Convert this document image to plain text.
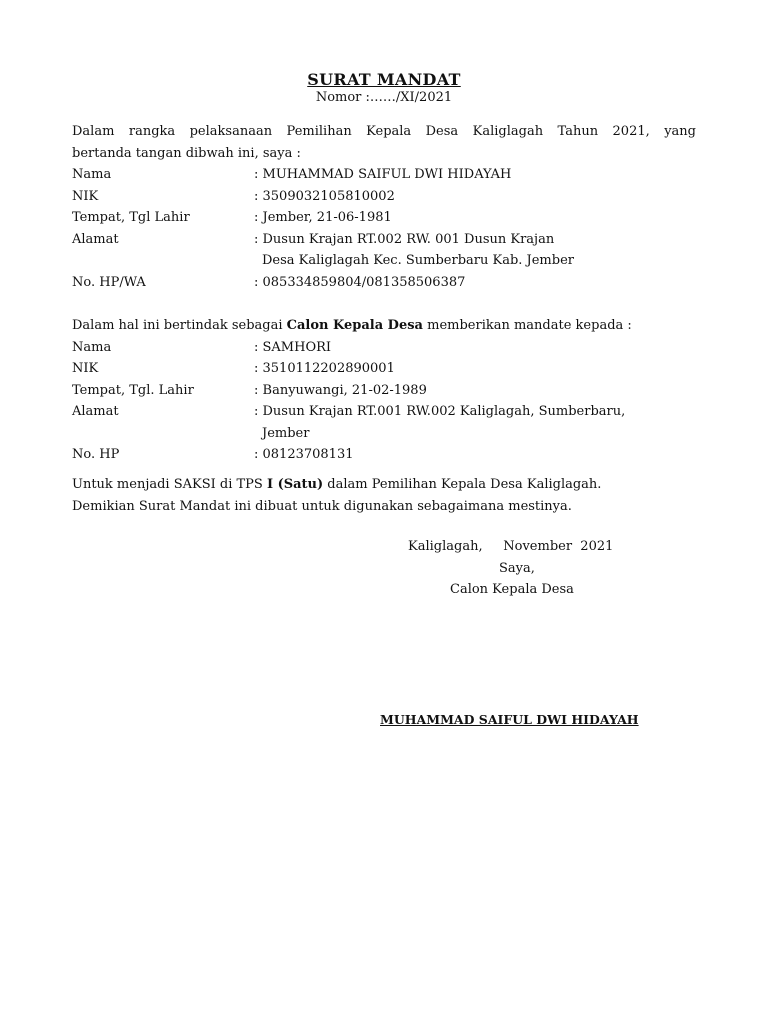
SURAT MANDAT
Nomor :……/XI/2021
Dalam rangka pelaksanaan Pemilihan Kepala Desa Kaliglagah Tahun 2021, yang
bertanda tangan dibwah ini, saya :
Nama	: MUHAMMAD SAIFUL DWI HIDAYAH
NIK	: 3509032105810002
Tempat, Tgl Lahir	: Jember, 21-06-1981
Alamat	: Dusun Krajan RT.002 RW. 001 Dusun Krajan
Desa Kaliglagah Kec. Sumberbaru Kab. Jember
No. HP/WA	: 085334859804/081358506387
Dalam hal ini bertindak sebagai Calon Kepala Desa memberikan mandate kepada :
Nama	: SAMHORI
NIK	: 3510112202890001
Tempat, Tgl. Lahir	: Banyuwangi, 21-02-1989
Alamat	: Dusun Krajan RT.001 RW.002 Kaliglagah, Sumberbaru,
Jember
No. HP	: 08123708131
Untuk menjadi SAKSI di TPS I (Satu) dalam Pemilihan Kepala Desa Kaliglagah.
Demikian Surat Mandat ini dibuat untuk digunakan sebagaimana mestinya.
Kaliglagah,     November  2021
Saya,
Calon Kepala Desa
MUHAMMAD SAIFUL DWI HIDAYAH
